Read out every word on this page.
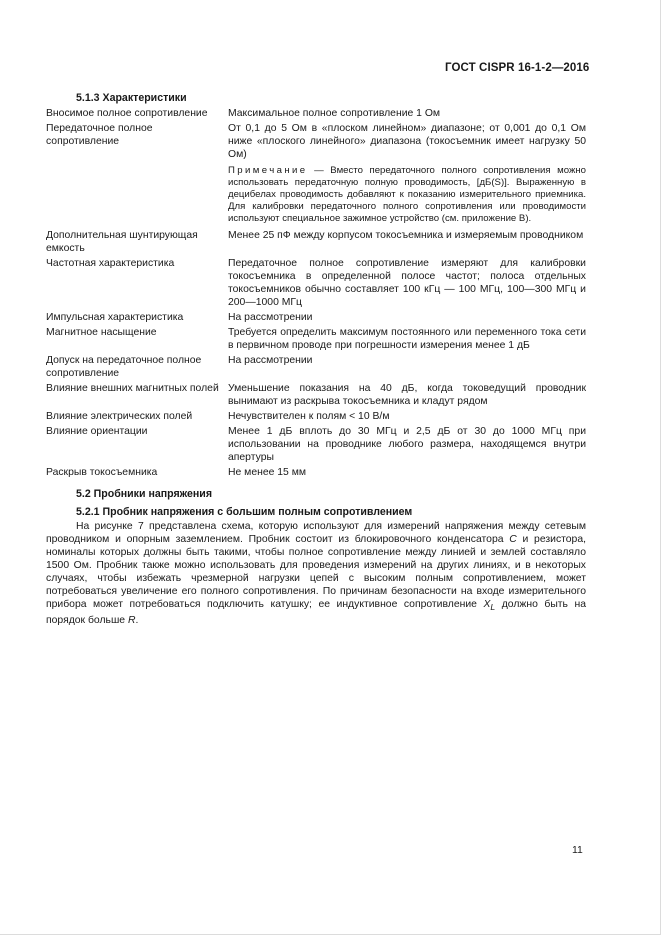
ГОСТ CISPR 16-1-2—2016
5.1.3 Характеристики
Вносимое полное сопротивление	Максимальное полное сопротивление 1 Ом
Передаточное полное сопротивление	От 0,1 до 5 Ом в «плоском линейном» диапазоне; от 0,001 до 0,1 Ом ниже «плоского линейного» диапазона (токосъемник имеет нагрузку 50 Ом)
Примечание — Вместо передаточного полного сопротивления можно использовать передаточную полную проводимость, [дБ(S)]. Выраженную в децибелах проводимость добавляют к показанию измерительного приемника. Для калибровки передаточного полного сопротивления или проводимости используют специальное зажимное устройство (см. приложение В).

Дополнительная шунтирующая емкость	Менее 25 пФ между корпусом токосъемника и измеряемым проводником
Частотная характеристика	Передаточное полное сопротивление измеряют для калибровки токосъемника в определенной полосе частот; полоса отдельных токосъемников обычно составляет 100 кГц — 100 МГц, 100—300 МГц и 200—1000 МГц
Импульсная характеристика	На рассмотрении
Магнитное насыщение	Требуется определить максимум постоянного или переменного тока сети в первичном проводе при погрешности измерения менее 1 дБ
Допуск на передаточное полное сопротивление	На рассмотрении
Влияние внешних магнитных полей	Уменьшение показания на 40 дБ, когда токоведущий проводник вынимают из раскрыва токосъемника и кладут рядом
Влияние электрических полей	Нечувствителен к полям < 10 В/м
Влияние ориентации	Менее 1 дБ вплоть до 30 МГц и 2,5 дБ от 30 до 1000 МГц при использовании на проводнике любого размера, находящемся внутри апертуры
Раскрыв токосъемника	Не менее 15 мм
5.2 Пробники напряжения
5.2.1 Пробник напряжения с большим полным сопротивлением

На рисунке 7 представлена схема, которую используют для измерений напряжения между сетевым проводником и опорным заземлением. Пробник состоит из блокировочного конденсатора C и резистора, номиналы которых должны быть такими, чтобы полное сопротивление между линией и землей составляло 1500 Ом. Пробник также можно использовать для проведения измерений на других линиях, и в некоторых случаях, чтобы избежать чрезмерной нагрузки цепей с высоким полным сопротивлением, может потребоваться увеличение его полного сопротивления. По причинам безопасности на входе измерительного прибора может потребоваться подключить катушку; ее индуктивное сопротивление $X_L$ должно быть на порядок больше R.

11
